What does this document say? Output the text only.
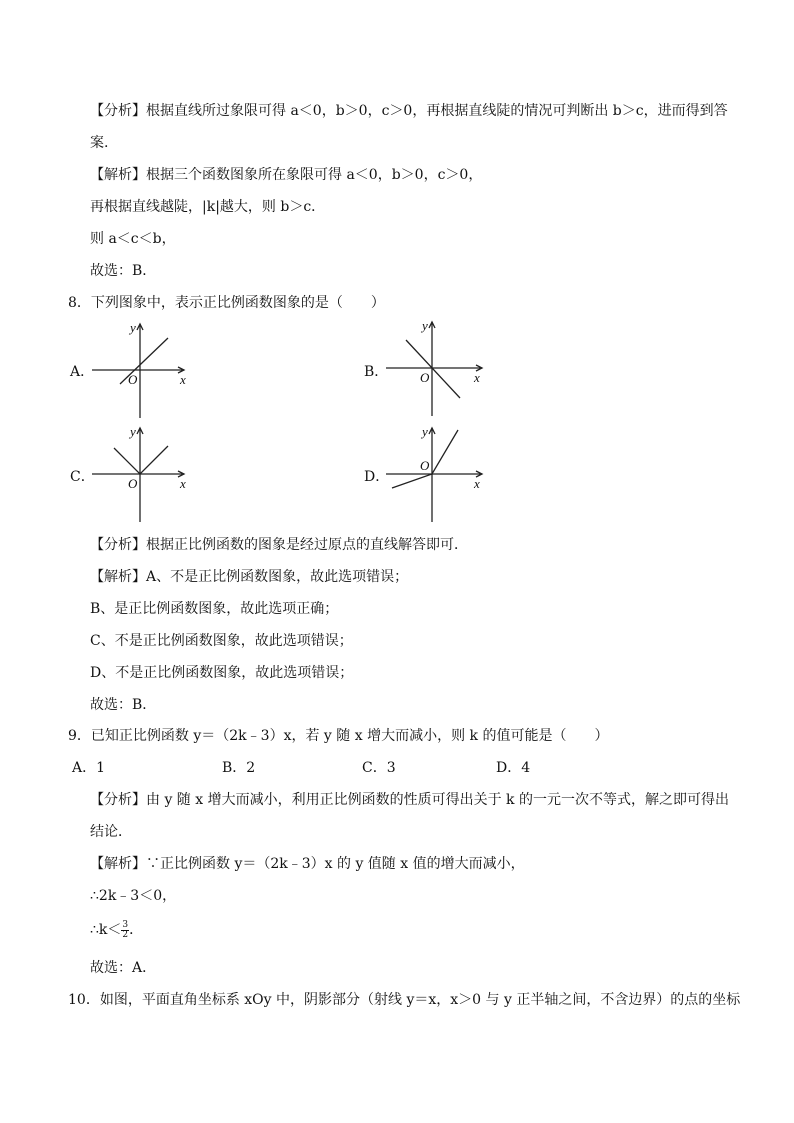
【分析】根据直线所过象限可得 a＜0，b＞0，c＞0，再根据直线陡的情况可判断出 b＞c，进而得到答
案.
【解析】根据三个函数图象所在象限可得 a＜0，b＞0，c＞0，
再根据直线越陡，|k|越大，则 b＞c．
则 a＜c＜b，
故选：B．
8．下列图象中，表示正比例函数图象的是（　　）
A．
y
x
O	B．
y
x
O
C．
y
x
O	D．
y
x
O
【分析】根据正比例函数的图象是经过原点的直线解答即可．
【解析】A、不是正比例函数图象，故此选项错误；
B、是正比例函数图象，故此选项正确；
C、不是正比例函数图象，故此选项错误；
D、不是正比例函数图象，故此选项错误；
故选：B．
9．已知正比例函数 y＝（2k﹣3）x，若 y 随 x 增大而减小，则 k 的值可能是（　　）
A．1	B．2	C．3	D．4
【分析】由 y 随 x 增大而减小，利用正比例函数的性质可得出关于 k 的一元一次不等式，解之即可得出
结论．
【解析】∵正比例函数 y＝（2k﹣3）x 的 y 值随 x 值的增大而减小，
∴2k﹣3＜0，
∴k＜ $\frac{3}{2}$ ．
故选：A．
10．如图，平面直角坐标系 xOy 中，阴影部分（射线 y＝x，x＞0 与 y 正半轴之间，不含边界）的点的坐标
